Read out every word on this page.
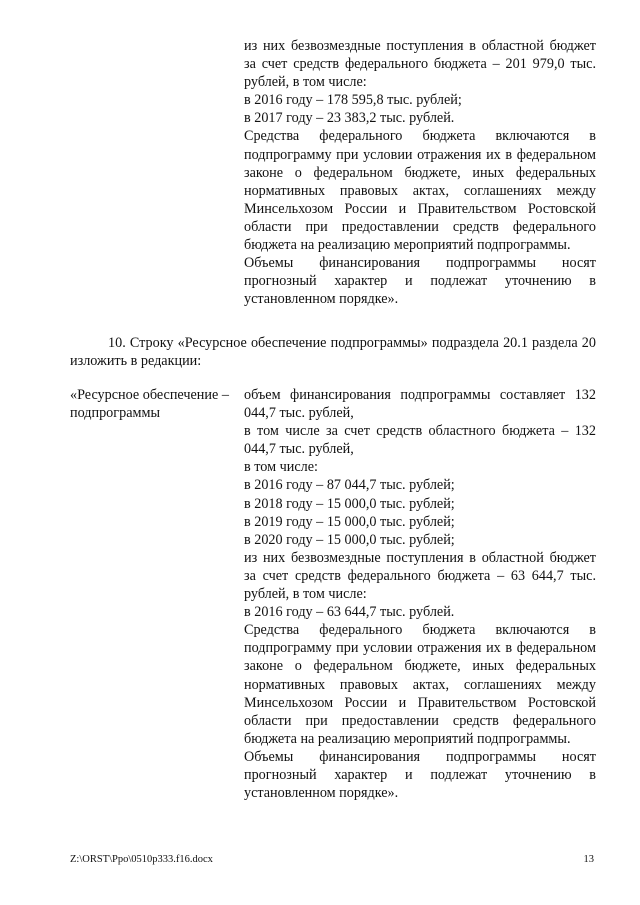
из них безвозмездные поступления в областной бюджет за счет средств федерального бюджета – 201 979,0 тыс. рублей, в том числе:
в 2016 году – 178 595,8 тыс. рублей;
в 2017 году – 23 383,2 тыс. рублей.
Средства федерального бюджета включаются в подпрограмму при условии отражения их в федеральном законе о федеральном бюджете, иных федеральных нормативных правовых актах, соглашениях между Минсельхозом России и Правительством Ростовской области при предоставлении средств федерального бюджета на реализацию мероприятий подпрограммы.
Объемы финансирования подпрограммы носят прогнозный характер и подлежат уточнению в установленном порядке».

10. Строку «Ресурсное обеспечение подпрограммы» подраздела 20.1 раздела 20 изложить в редакции:

«Ресурсное обеспечение – подпрограммы

объем финансирования подпрограммы составляет 132 044,7 тыс. рублей,
в том числе за счет средств областного бюджета – 132 044,7 тыс. рублей,
в том числе:
в 2016 году – 87 044,7 тыс. рублей;
в 2018 году – 15 000,0 тыс. рублей;
в 2019 году – 15 000,0 тыс. рублей;
в 2020 году – 15 000,0 тыс. рублей;
из них безвозмездные поступления в областной бюджет за счет средств федерального бюджета – 63 644,7 тыс. рублей, в том числе:
в 2016 году – 63 644,7 тыс. рублей.
Средства федерального бюджета включаются в подпрограмму при условии отражения их в федеральном законе о федеральном бюджете, иных федеральных нормативных правовых актах, соглашениях между Минсельхозом России и Правительством Ростовской области при предоставлении средств федерального бюджета на реализацию мероприятий подпрограммы.
Объемы финансирования подпрограммы носят прогнозный характер и подлежат уточнению в установленном порядке».
Z:\ORST\Ppo\0510p333.f16.docx	13
